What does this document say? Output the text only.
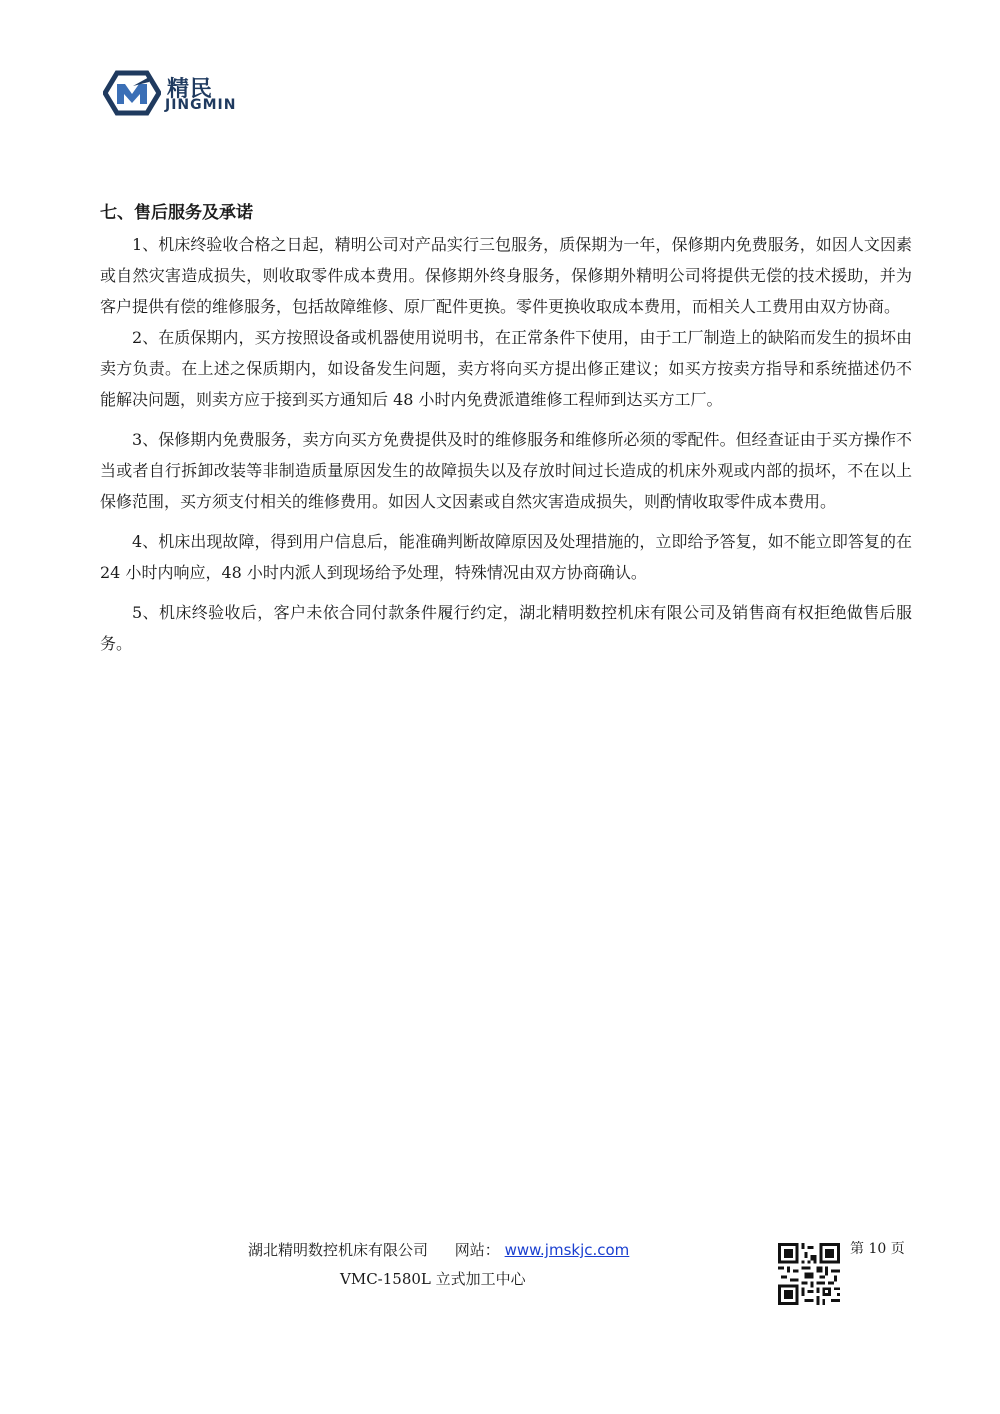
精民
JINGMIN

七、售后服务及承诺

1、机床终验收合格之日起，精明公司对产品实行三包服务，质保期为一年，保修期内免费服务，如因人文因素或自然灾害造成损失，则收取零件成本费用。保修期外终身服务，保修期外精明公司将提供无偿的技术援助，并为客户提供有偿的维修服务，包括故障维修、原厂配件更换。零件更换收取成本费用，而相关人工费用由双方协商。

2、在质保期内，买方按照设备或机器使用说明书，在正常条件下使用，由于工厂制造上的缺陷而发生的损坏由卖方负责。在上述之保质期内，如设备发生问题，卖方将向买方提出修正建议；如买方按卖方指导和系统描述仍不能解决问题，则卖方应于接到买方通知后 48 小时内免费派遣维修工程师到达买方工厂。

3、保修期内免费服务，卖方向买方免费提供及时的维修服务和维修所必须的零配件。但经查证由于买方操作不当或者自行拆卸改装等非制造质量原因发生的故障损失以及存放时间过长造成的机床外观或内部的损坏，不在以上保修范围，买方须支付相关的维修费用。如因人文因素或自然灾害造成损失，则酌情收取零件成本费用。

4、机床出现故障，得到用户信息后，能准确判断故障原因及处理措施的，立即给予答复，如不能立即答复的在 24 小时内响应，48 小时内派人到现场给予处理，特殊情况由双方协商确认。

5、机床终验收后，客户未依合同付款条件履行约定，湖北精明数控机床有限公司及销售商有权拒绝做售后服务。

湖北精明数控机床有限公司 网站： www.jmskjc.com
VMC-1580L 立式加工中心
第 10 页
